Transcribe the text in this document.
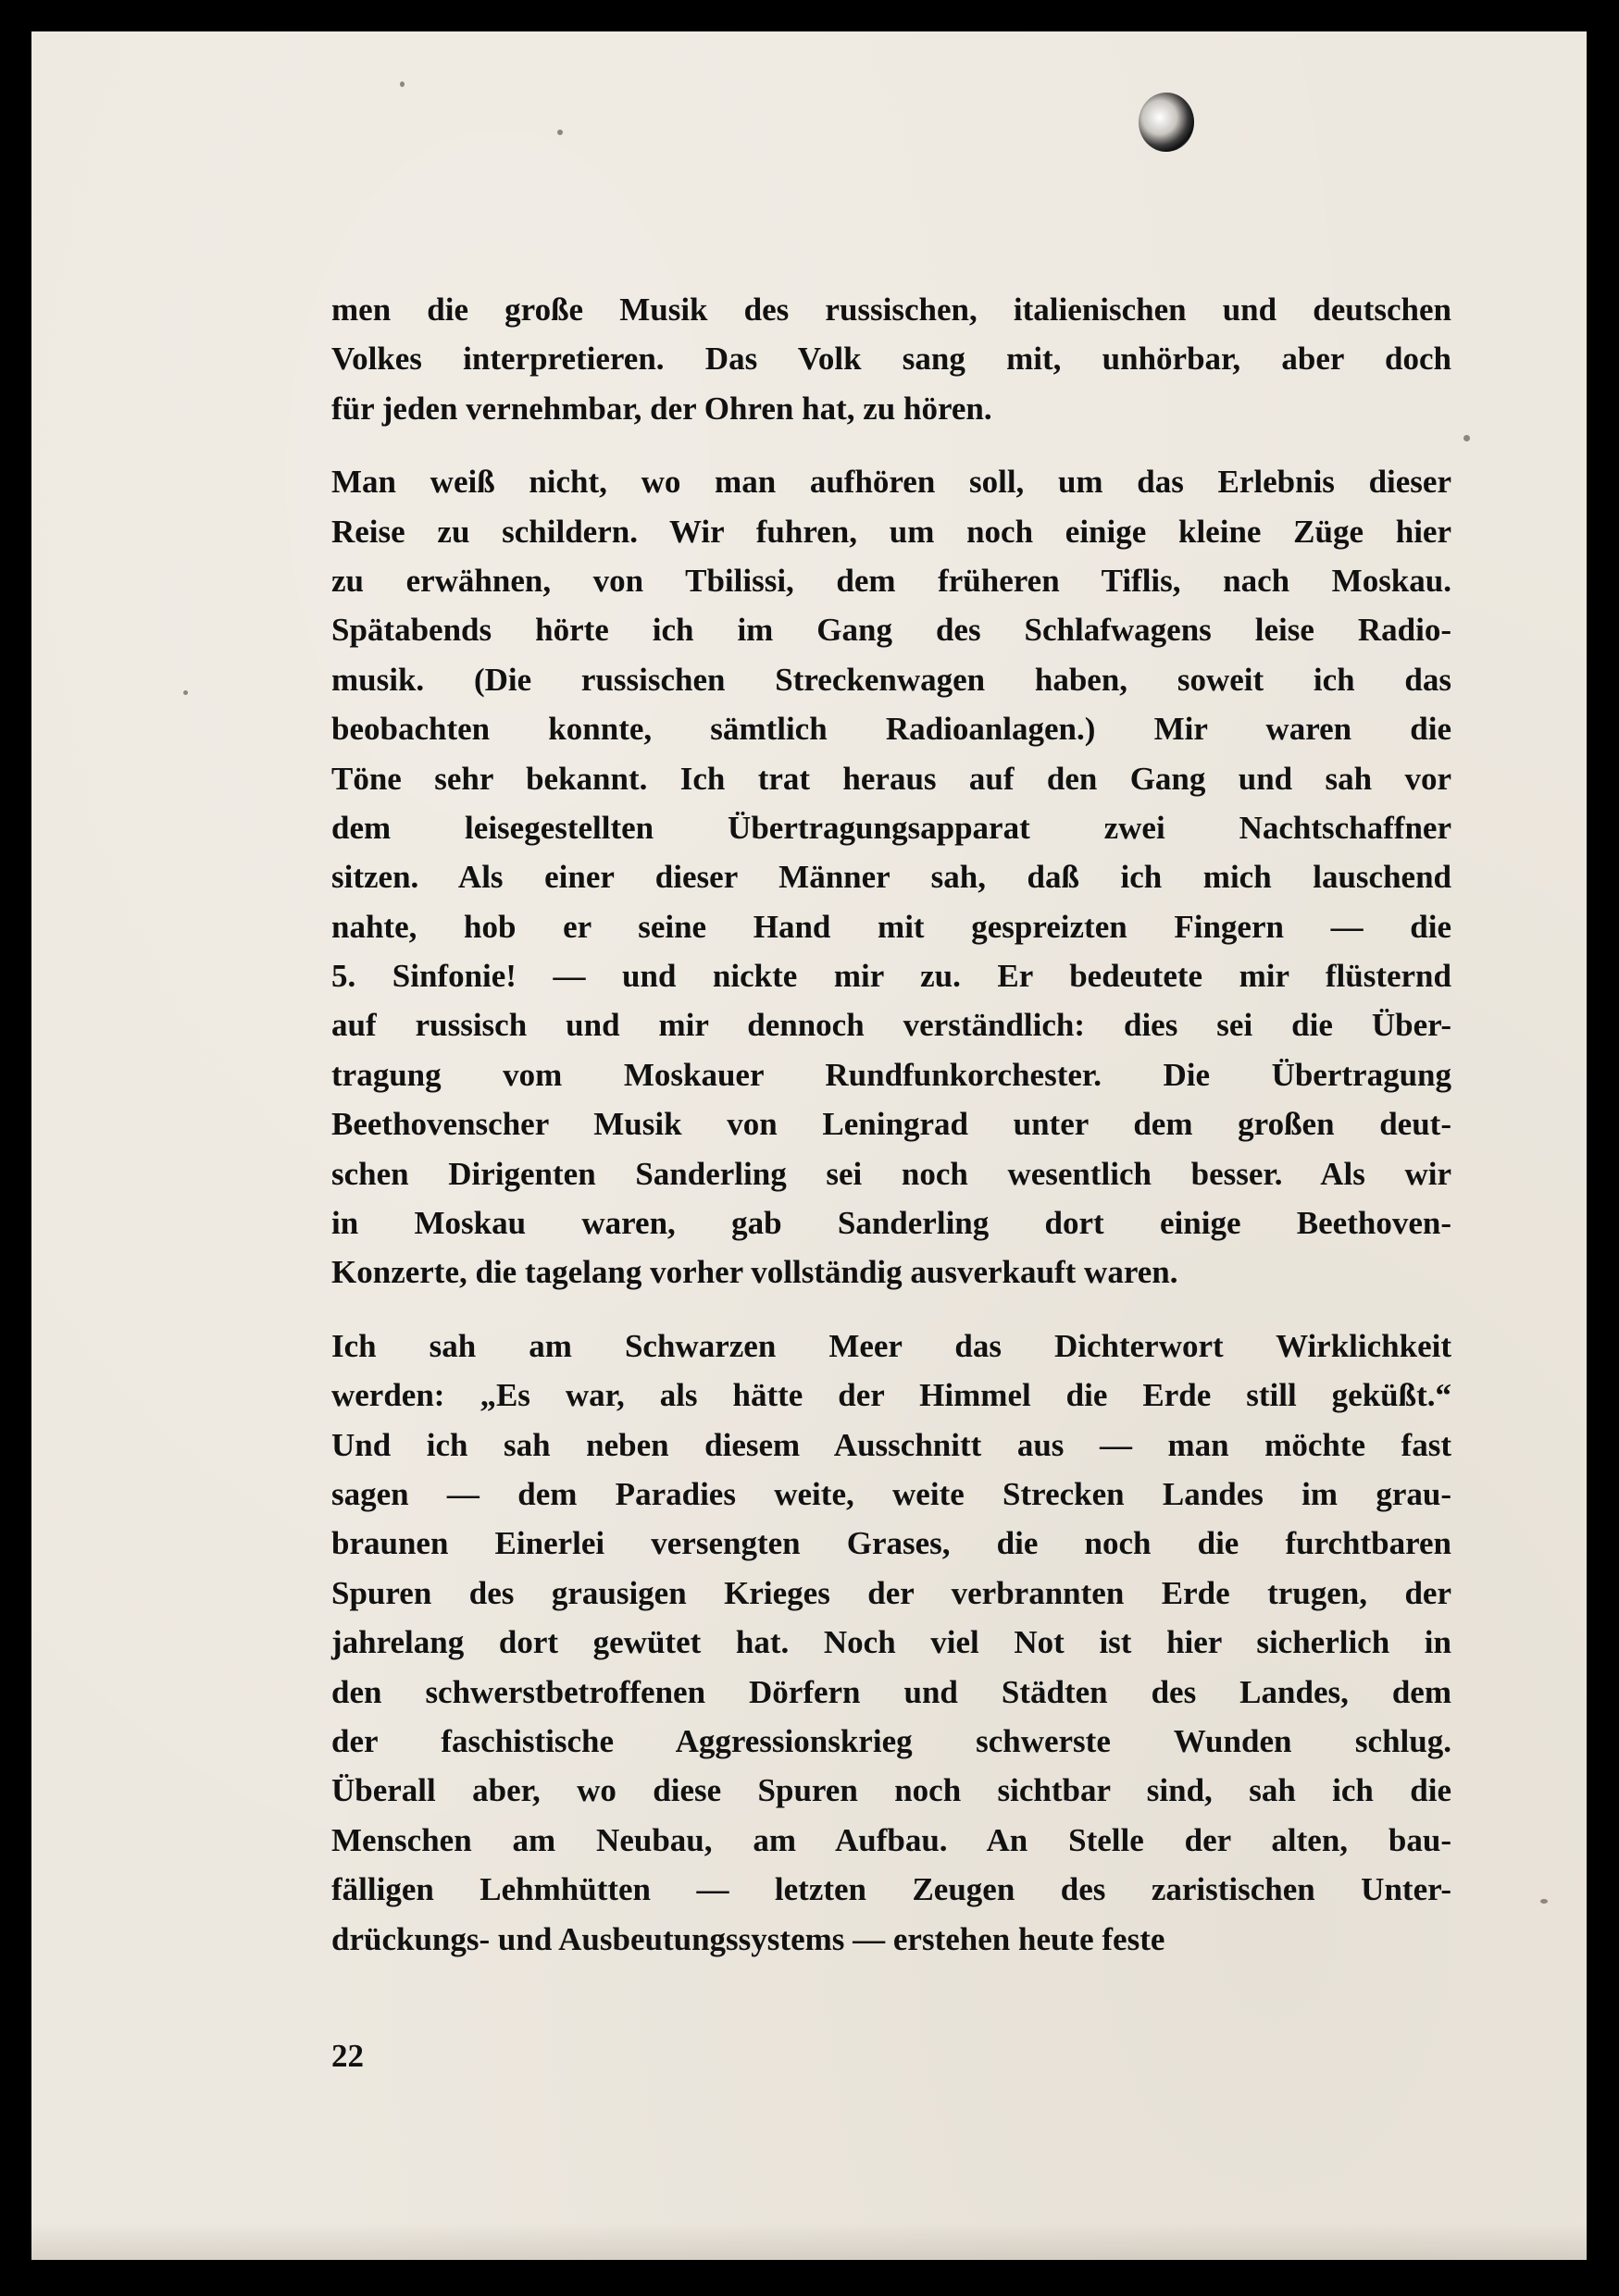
men die große Musik des russischen, italienischen und deutschen
Volkes interpretieren. Das Volk sang mit, unhörbar, aber doch
für jeden vernehmbar, der Ohren hat, zu hören.
Man weiß nicht, wo man aufhören soll, um das Erlebnis dieser
Reise zu schildern. Wir fuhren, um noch einige kleine Züge hier
zu erwähnen, von Tbilissi, dem früheren Tiflis, nach Moskau.
Spätabends hörte ich im Gang des Schlafwagens leise Radio-
musik. (Die russischen Streckenwagen haben, soweit ich das
beobachten konnte, sämtlich Radioanlagen.) Mir waren die
Töne sehr bekannt. Ich trat heraus auf den Gang und sah vor
dem leisegestellten Übertragungsapparat zwei Nachtschaffner
sitzen. Als einer dieser Männer sah, daß ich mich lauschend
nahte, hob er seine Hand mit gespreizten Fingern — die
5. Sinfonie! — und nickte mir zu. Er bedeutete mir flüsternd
auf russisch und mir dennoch verständlich: dies sei die Über-
tragung vom Moskauer Rundfunkorchester. Die Übertragung
Beethovenscher Musik von Leningrad unter dem großen deut-
schen Dirigenten Sanderling sei noch wesentlich besser. Als wir
in Moskau waren, gab Sanderling dort einige Beethoven-
Konzerte, die tagelang vorher vollständig ausverkauft waren.
Ich sah am Schwarzen Meer das Dichterwort Wirklichkeit
werden: „Es war, als hätte der Himmel die Erde still geküßt.“
Und ich sah neben diesem Ausschnitt aus — man möchte fast
sagen — dem Paradies weite, weite Strecken Landes im grau-
braunen Einerlei versengten Grases, die noch die furchtbaren
Spuren des grausigen Krieges der verbrannten Erde trugen, der
jahrelang dort gewütet hat. Noch viel Not ist hier sicherlich in
den schwerstbetroffenen Dörfern und Städten des Landes, dem
der faschistische Aggressionskrieg schwerste Wunden schlug.
Überall aber, wo diese Spuren noch sichtbar sind, sah ich die
Menschen am Neubau, am Aufbau. An Stelle der alten, bau-
fälligen Lehmhütten — letzten Zeugen des zaristischen Unter-
drückungs- und Ausbeutungssystems — erstehen heute feste
22
